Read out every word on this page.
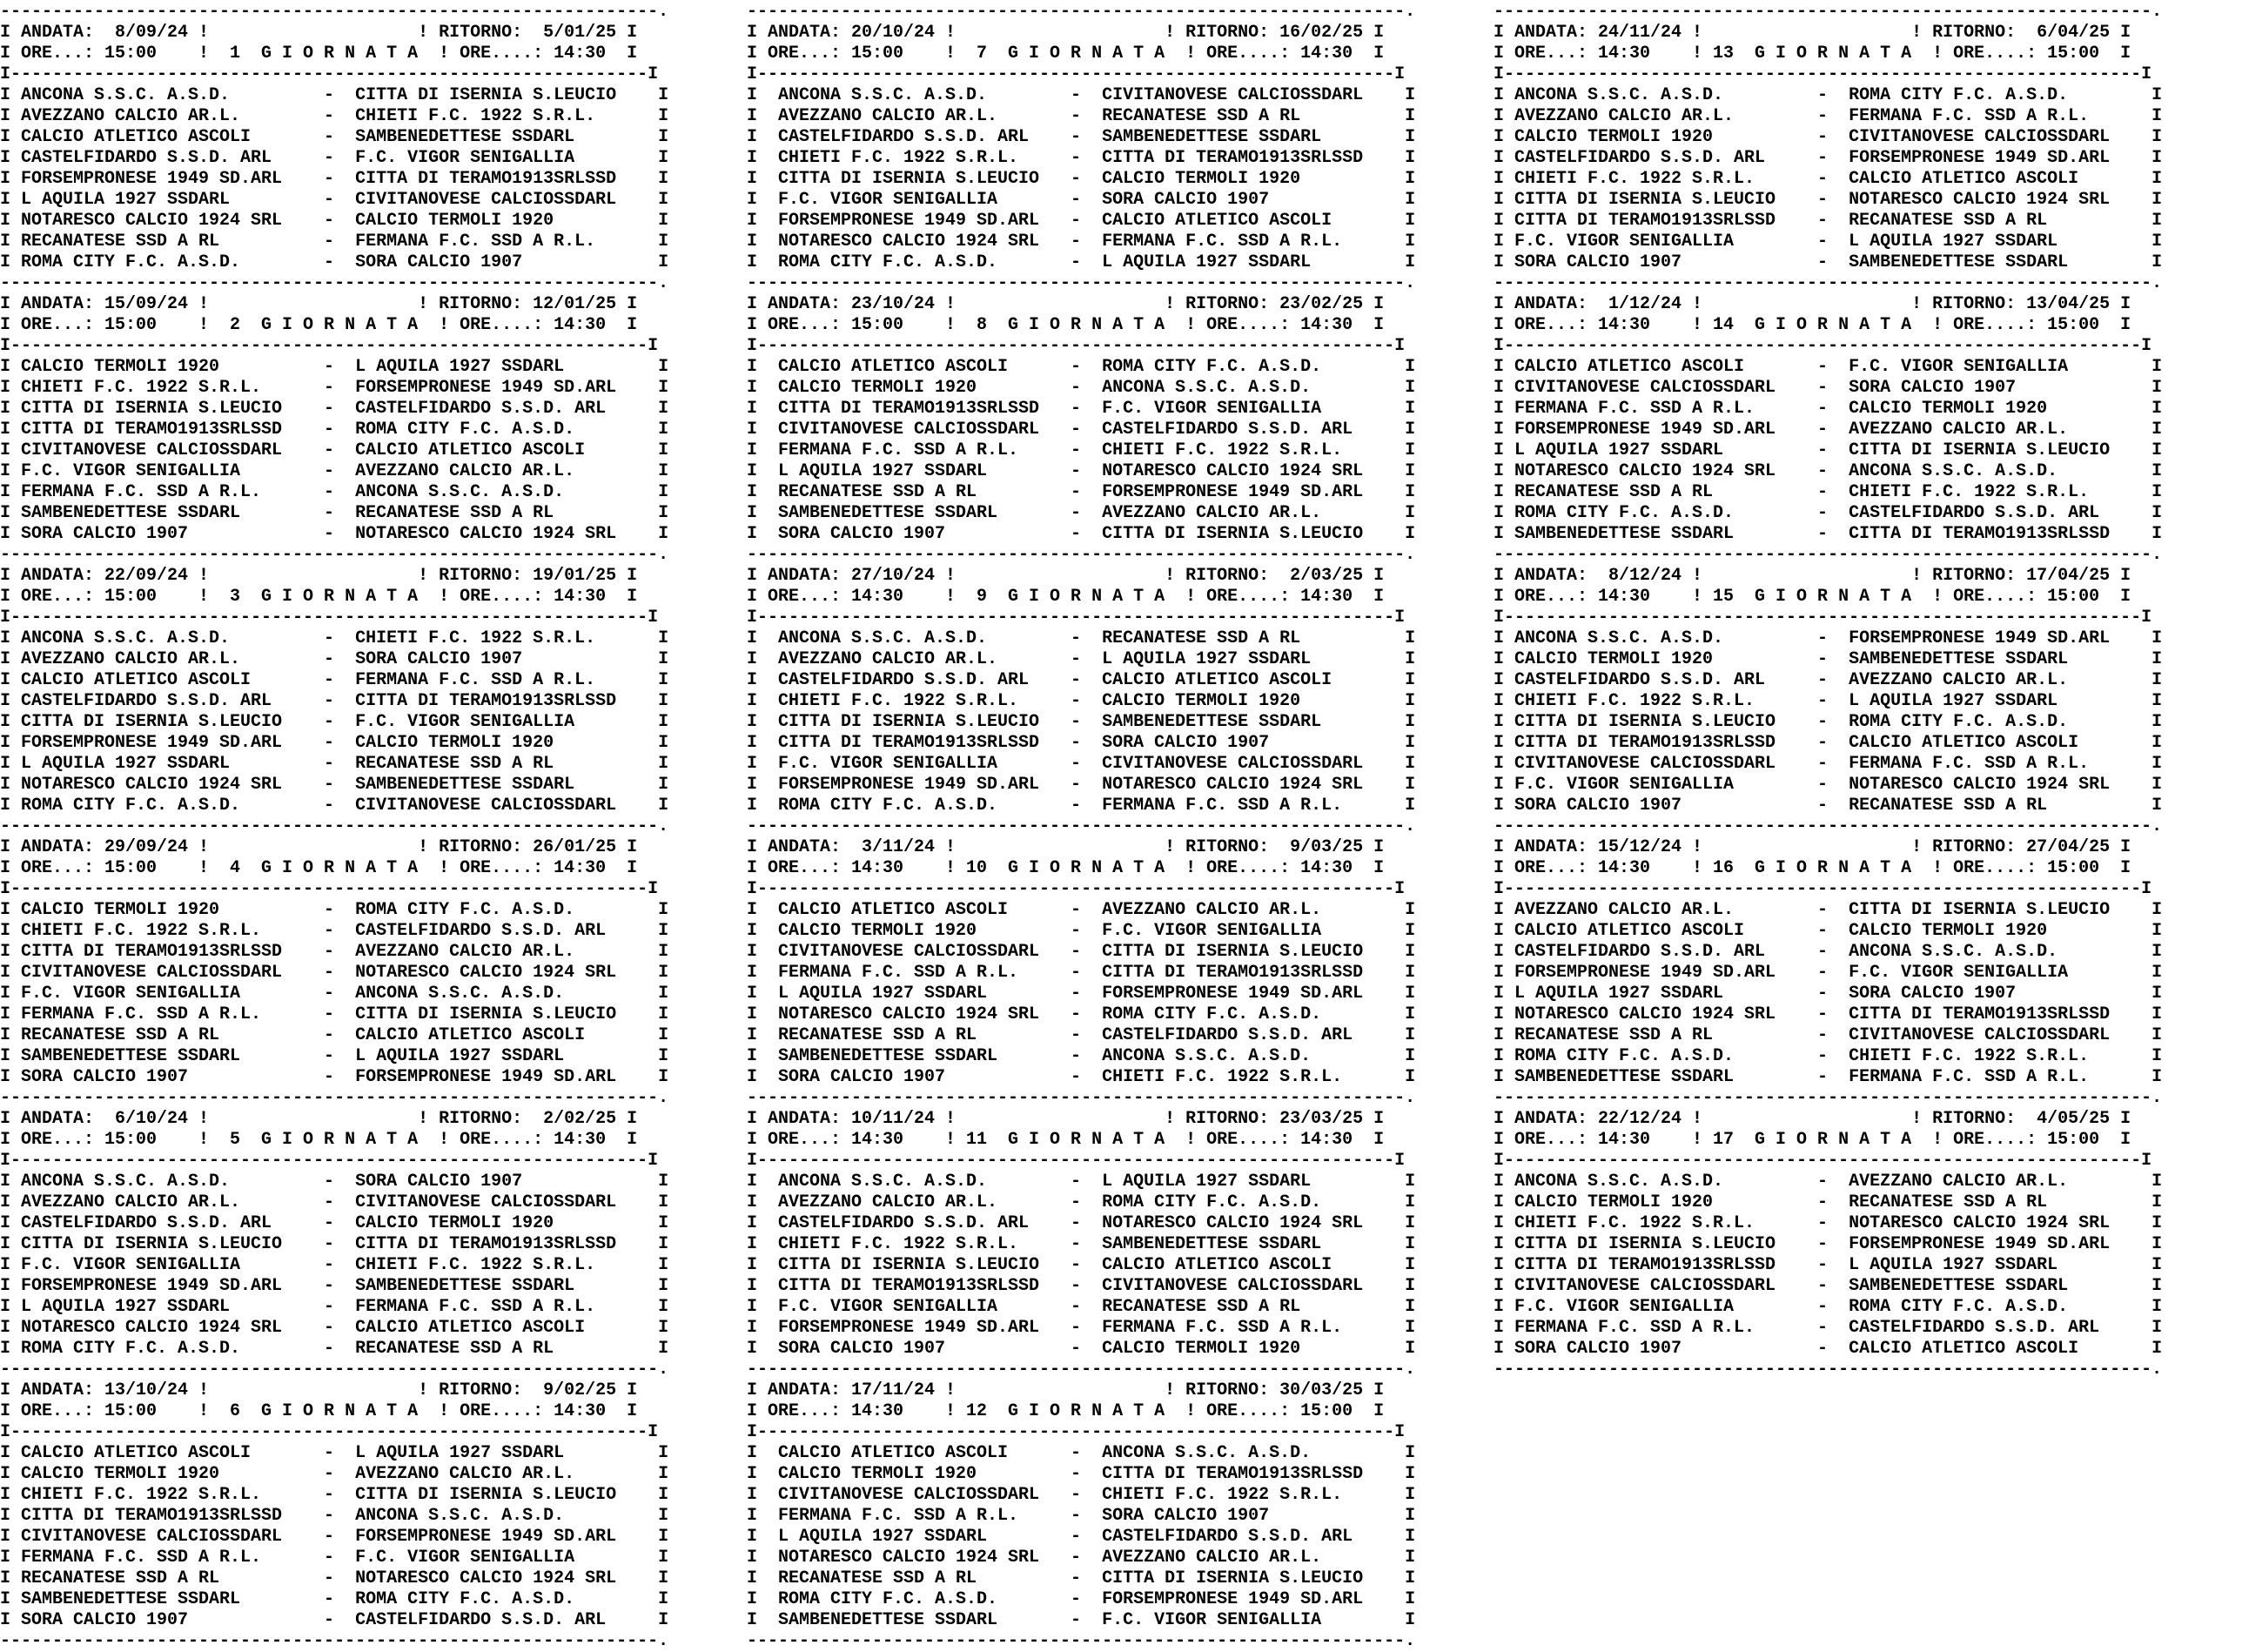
---------------------------------------------------------------.
I ANDATA:  8/09/24 !                    ! RITORNO:  5/01/25 I
I ORE...: 15:00    !  1  G I O R N A T A  ! ORE....: 14:30  I
I-------------------------------------------------------------I
I ANCONA S.S.C. A.S.D.         -  CITTA DI ISERNIA S.LEUCIO    I
I AVEZZANO CALCIO AR.L.        -  CHIETI F.C. 1922 S.R.L.      I
I CALCIO ATLETICO ASCOLI       -  SAMBENEDETTESE SSDARL        I
I CASTELFIDARDO S.S.D. ARL     -  F.C. VIGOR SENIGALLIA        I
I FORSEMPRONESE 1949 SD.ARL    -  CITTA DI TERAMO1913SRLSSD    I
I L AQUILA 1927 SSDARL         -  CIVITANOVESE CALCIOSSDARL    I
I NOTARESCO CALCIO 1924 SRL    -  CALCIO TERMOLI 1920          I
I RECANATESE SSD A RL          -  FERMANA F.C. SSD A R.L.      I
I ROMA CITY F.C. A.S.D.        -  SORA CALCIO 1907             I
---------------------------------------------------------------.
I ANDATA: 15/09/24 !                    ! RITORNO: 12/01/25 I
I ORE...: 15:00    !  2  G I O R N A T A  ! ORE....: 14:30  I
I-------------------------------------------------------------I
I CALCIO TERMOLI 1920          -  L AQUILA 1927 SSDARL         I
I CHIETI F.C. 1922 S.R.L.      -  FORSEMPRONESE 1949 SD.ARL    I
I CITTA DI ISERNIA S.LEUCIO    -  CASTELFIDARDO S.S.D. ARL     I
I CITTA DI TERAMO1913SRLSSD    -  ROMA CITY F.C. A.S.D.        I
I CIVITANOVESE CALCIOSSDARL    -  CALCIO ATLETICO ASCOLI       I
I F.C. VIGOR SENIGALLIA        -  AVEZZANO CALCIO AR.L.        I
I FERMANA F.C. SSD A R.L.      -  ANCONA S.S.C. A.S.D.         I
I SAMBENEDETTESE SSDARL        -  RECANATESE SSD A RL          I
I SORA CALCIO 1907             -  NOTARESCO CALCIO 1924 SRL    I
---------------------------------------------------------------.
I ANDATA: 22/09/24 !                    ! RITORNO: 19/01/25 I
I ORE...: 15:00    !  3  G I O R N A T A  ! ORE....: 14:30  I
I-------------------------------------------------------------I
I ANCONA S.S.C. A.S.D.         -  CHIETI F.C. 1922 S.R.L.      I
I AVEZZANO CALCIO AR.L.        -  SORA CALCIO 1907             I
I CALCIO ATLETICO ASCOLI       -  FERMANA F.C. SSD A R.L.      I
I CASTELFIDARDO S.S.D. ARL     -  CITTA DI TERAMO1913SRLSSD    I
I CITTA DI ISERNIA S.LEUCIO    -  F.C. VIGOR SENIGALLIA        I
I FORSEMPRONESE 1949 SD.ARL    -  CALCIO TERMOLI 1920          I
I L AQUILA 1927 SSDARL         -  RECANATESE SSD A RL          I
I NOTARESCO CALCIO 1924 SRL    -  SAMBENEDETTESE SSDARL        I
I ROMA CITY F.C. A.S.D.        -  CIVITANOVESE CALCIOSSDARL    I
---------------------------------------------------------------.
I ANDATA: 29/09/24 !                    ! RITORNO: 26/01/25 I
I ORE...: 15:00    !  4  G I O R N A T A  ! ORE....: 14:30  I
I-------------------------------------------------------------I
I CALCIO TERMOLI 1920          -  ROMA CITY F.C. A.S.D.        I
I CHIETI F.C. 1922 S.R.L.      -  CASTELFIDARDO S.S.D. ARL     I
I CITTA DI TERAMO1913SRLSSD    -  AVEZZANO CALCIO AR.L.        I
I CIVITANOVESE CALCIOSSDARL    -  NOTARESCO CALCIO 1924 SRL    I
I F.C. VIGOR SENIGALLIA        -  ANCONA S.S.C. A.S.D.         I
I FERMANA F.C. SSD A R.L.      -  CITTA DI ISERNIA S.LEUCIO    I
I RECANATESE SSD A RL          -  CALCIO ATLETICO ASCOLI       I
I SAMBENEDETTESE SSDARL        -  L AQUILA 1927 SSDARL         I
I SORA CALCIO 1907             -  FORSEMPRONESE 1949 SD.ARL    I
---------------------------------------------------------------.
I ANDATA:  6/10/24 !                    ! RITORNO:  2/02/25 I
I ORE...: 15:00    !  5  G I O R N A T A  ! ORE....: 14:30  I
I-------------------------------------------------------------I
I ANCONA S.S.C. A.S.D.         -  SORA CALCIO 1907             I
I AVEZZANO CALCIO AR.L.        -  CIVITANOVESE CALCIOSSDARL    I
I CASTELFIDARDO S.S.D. ARL     -  CALCIO TERMOLI 1920          I
I CITTA DI ISERNIA S.LEUCIO    -  CITTA DI TERAMO1913SRLSSD    I
I F.C. VIGOR SENIGALLIA        -  CHIETI F.C. 1922 S.R.L.      I
I FORSEMPRONESE 1949 SD.ARL    -  SAMBENEDETTESE SSDARL        I
I L AQUILA 1927 SSDARL         -  FERMANA F.C. SSD A R.L.      I
I NOTARESCO CALCIO 1924 SRL    -  CALCIO ATLETICO ASCOLI       I
I ROMA CITY F.C. A.S.D.        -  RECANATESE SSD A RL          I
---------------------------------------------------------------.
I ANDATA: 13/10/24 !                    ! RITORNO:  9/02/25 I
I ORE...: 15:00    !  6  G I O R N A T A  ! ORE....: 14:30  I
I-------------------------------------------------------------I
I CALCIO ATLETICO ASCOLI       -  L AQUILA 1927 SSDARL         I
I CALCIO TERMOLI 1920          -  AVEZZANO CALCIO AR.L.        I
I CHIETI F.C. 1922 S.R.L.      -  CITTA DI ISERNIA S.LEUCIO    I
I CITTA DI TERAMO1913SRLSSD    -  ANCONA S.S.C. A.S.D.         I
I CIVITANOVESE CALCIOSSDARL    -  FORSEMPRONESE 1949 SD.ARL    I
I FERMANA F.C. SSD A R.L.      -  F.C. VIGOR SENIGALLIA        I
I RECANATESE SSD A RL          -  NOTARESCO CALCIO 1924 SRL    I
I SAMBENEDETTESE SSDARL        -  ROMA CITY F.C. A.S.D.        I
I SORA CALCIO 1907             -  CASTELFIDARDO S.S.D. ARL     I
---------------------------------------------------------------.
---------------------------------------------------------------.
I ANDATA: 20/10/24 !                    ! RITORNO: 16/02/25 I
I ORE...: 15:00    !  7  G I O R N A T A  ! ORE....: 14:30  I
I-------------------------------------------------------------I
I  ANCONA S.S.C. A.S.D.        -  CIVITANOVESE CALCIOSSDARL    I
I  AVEZZANO CALCIO AR.L.       -  RECANATESE SSD A RL          I
I  CASTELFIDARDO S.S.D. ARL    -  SAMBENEDETTESE SSDARL        I
I  CHIETI F.C. 1922 S.R.L.     -  CITTA DI TERAMO1913SRLSSD    I
I  CITTA DI ISERNIA S.LEUCIO   -  CALCIO TERMOLI 1920          I
I  F.C. VIGOR SENIGALLIA       -  SORA CALCIO 1907             I
I  FORSEMPRONESE 1949 SD.ARL   -  CALCIO ATLETICO ASCOLI       I
I  NOTARESCO CALCIO 1924 SRL   -  FERMANA F.C. SSD A R.L.      I
I  ROMA CITY F.C. A.S.D.       -  L AQUILA 1927 SSDARL         I
---------------------------------------------------------------.
I ANDATA: 23/10/24 !                    ! RITORNO: 23/02/25 I
I ORE...: 15:00    !  8  G I O R N A T A  ! ORE....: 14:30  I
I-------------------------------------------------------------I
I  CALCIO ATLETICO ASCOLI      -  ROMA CITY F.C. A.S.D.        I
I  CALCIO TERMOLI 1920         -  ANCONA S.S.C. A.S.D.         I
I  CITTA DI TERAMO1913SRLSSD   -  F.C. VIGOR SENIGALLIA        I
I  CIVITANOVESE CALCIOSSDARL   -  CASTELFIDARDO S.S.D. ARL     I
I  FERMANA F.C. SSD A R.L.     -  CHIETI F.C. 1922 S.R.L.      I
I  L AQUILA 1927 SSDARL        -  NOTARESCO CALCIO 1924 SRL    I
I  RECANATESE SSD A RL         -  FORSEMPRONESE 1949 SD.ARL    I
I  SAMBENEDETTESE SSDARL       -  AVEZZANO CALCIO AR.L.        I
I  SORA CALCIO 1907            -  CITTA DI ISERNIA S.LEUCIO    I
---------------------------------------------------------------.
I ANDATA: 27/10/24 !                    ! RITORNO:  2/03/25 I
I ORE...: 14:30    !  9  G I O R N A T A  ! ORE....: 14:30  I
I-------------------------------------------------------------I
I  ANCONA S.S.C. A.S.D.        -  RECANATESE SSD A RL          I
I  AVEZZANO CALCIO AR.L.       -  L AQUILA 1927 SSDARL         I
I  CASTELFIDARDO S.S.D. ARL    -  CALCIO ATLETICO ASCOLI       I
I  CHIETI F.C. 1922 S.R.L.     -  CALCIO TERMOLI 1920          I
I  CITTA DI ISERNIA S.LEUCIO   -  SAMBENEDETTESE SSDARL        I
I  CITTA DI TERAMO1913SRLSSD   -  SORA CALCIO 1907             I
I  F.C. VIGOR SENIGALLIA       -  CIVITANOVESE CALCIOSSDARL    I
I  FORSEMPRONESE 1949 SD.ARL   -  NOTARESCO CALCIO 1924 SRL    I
I  ROMA CITY F.C. A.S.D.       -  FERMANA F.C. SSD A R.L.      I
---------------------------------------------------------------.
I ANDATA:  3/11/24 !                    ! RITORNO:  9/03/25 I
I ORE...: 14:30    ! 10  G I O R N A T A  ! ORE....: 14:30  I
I-------------------------------------------------------------I
I  CALCIO ATLETICO ASCOLI      -  AVEZZANO CALCIO AR.L.        I
I  CALCIO TERMOLI 1920         -  F.C. VIGOR SENIGALLIA        I
I  CIVITANOVESE CALCIOSSDARL   -  CITTA DI ISERNIA S.LEUCIO    I
I  FERMANA F.C. SSD A R.L.     -  CITTA DI TERAMO1913SRLSSD    I
I  L AQUILA 1927 SSDARL        -  FORSEMPRONESE 1949 SD.ARL    I
I  NOTARESCO CALCIO 1924 SRL   -  ROMA CITY F.C. A.S.D.        I
I  RECANATESE SSD A RL         -  CASTELFIDARDO S.S.D. ARL     I
I  SAMBENEDETTESE SSDARL       -  ANCONA S.S.C. A.S.D.         I
I  SORA CALCIO 1907            -  CHIETI F.C. 1922 S.R.L.      I
---------------------------------------------------------------.
I ANDATA: 10/11/24 !                    ! RITORNO: 23/03/25 I
I ORE...: 14:30    ! 11  G I O R N A T A  ! ORE....: 14:30  I
I-------------------------------------------------------------I
I  ANCONA S.S.C. A.S.D.        -  L AQUILA 1927 SSDARL         I
I  AVEZZANO CALCIO AR.L.       -  ROMA CITY F.C. A.S.D.        I
I  CASTELFIDARDO S.S.D. ARL    -  NOTARESCO CALCIO 1924 SRL    I
I  CHIETI F.C. 1922 S.R.L.     -  SAMBENEDETTESE SSDARL        I
I  CITTA DI ISERNIA S.LEUCIO   -  CALCIO ATLETICO ASCOLI       I
I  CITTA DI TERAMO1913SRLSSD   -  CIVITANOVESE CALCIOSSDARL    I
I  F.C. VIGOR SENIGALLIA       -  RECANATESE SSD A RL          I
I  FORSEMPRONESE 1949 SD.ARL   -  FERMANA F.C. SSD A R.L.      I
I  SORA CALCIO 1907            -  CALCIO TERMOLI 1920          I
---------------------------------------------------------------.
I ANDATA: 17/11/24 !                    ! RITORNO: 30/03/25 I
I ORE...: 14:30    ! 12  G I O R N A T A  ! ORE....: 15:00  I
I-------------------------------------------------------------I
I  CALCIO ATLETICO ASCOLI      -  ANCONA S.S.C. A.S.D.         I
I  CALCIO TERMOLI 1920         -  CITTA DI TERAMO1913SRLSSD    I
I  CIVITANOVESE CALCIOSSDARL   -  CHIETI F.C. 1922 S.R.L.      I
I  FERMANA F.C. SSD A R.L.     -  SORA CALCIO 1907             I
I  L AQUILA 1927 SSDARL        -  CASTELFIDARDO S.S.D. ARL     I
I  NOTARESCO CALCIO 1924 SRL   -  AVEZZANO CALCIO AR.L.        I
I  RECANATESE SSD A RL         -  CITTA DI ISERNIA S.LEUCIO    I
I  ROMA CITY F.C. A.S.D.       -  FORSEMPRONESE 1949 SD.ARL    I
I  SAMBENEDETTESE SSDARL       -  F.C. VIGOR SENIGALLIA        I
---------------------------------------------------------------.
---------------------------------------------------------------.
I ANDATA: 24/11/24 !                    ! RITORNO:  6/04/25 I
I ORE...: 14:30    ! 13  G I O R N A T A  ! ORE....: 15:00  I
I-------------------------------------------------------------I
I ANCONA S.S.C. A.S.D.         -  ROMA CITY F.C. A.S.D.        I
I AVEZZANO CALCIO AR.L.        -  FERMANA F.C. SSD A R.L.      I
I CALCIO TERMOLI 1920          -  CIVITANOVESE CALCIOSSDARL    I
I CASTELFIDARDO S.S.D. ARL     -  FORSEMPRONESE 1949 SD.ARL    I
I CHIETI F.C. 1922 S.R.L.      -  CALCIO ATLETICO ASCOLI       I
I CITTA DI ISERNIA S.LEUCIO    -  NOTARESCO CALCIO 1924 SRL    I
I CITTA DI TERAMO1913SRLSSD    -  RECANATESE SSD A RL          I
I F.C. VIGOR SENIGALLIA        -  L AQUILA 1927 SSDARL         I
I SORA CALCIO 1907             -  SAMBENEDETTESE SSDARL        I
---------------------------------------------------------------.
I ANDATA:  1/12/24 !                    ! RITORNO: 13/04/25 I
I ORE...: 14:30    ! 14  G I O R N A T A  ! ORE....: 15:00  I
I-------------------------------------------------------------I
I CALCIO ATLETICO ASCOLI       -  F.C. VIGOR SENIGALLIA        I
I CIVITANOVESE CALCIOSSDARL    -  SORA CALCIO 1907             I
I FERMANA F.C. SSD A R.L.      -  CALCIO TERMOLI 1920          I
I FORSEMPRONESE 1949 SD.ARL    -  AVEZZANO CALCIO AR.L.        I
I L AQUILA 1927 SSDARL         -  CITTA DI ISERNIA S.LEUCIO    I
I NOTARESCO CALCIO 1924 SRL    -  ANCONA S.S.C. A.S.D.         I
I RECANATESE SSD A RL          -  CHIETI F.C. 1922 S.R.L.      I
I ROMA CITY F.C. A.S.D.        -  CASTELFIDARDO S.S.D. ARL     I
I SAMBENEDETTESE SSDARL        -  CITTA DI TERAMO1913SRLSSD    I
---------------------------------------------------------------.
I ANDATA:  8/12/24 !                    ! RITORNO: 17/04/25 I
I ORE...: 14:30    ! 15  G I O R N A T A  ! ORE....: 15:00  I
I-------------------------------------------------------------I
I ANCONA S.S.C. A.S.D.         -  FORSEMPRONESE 1949 SD.ARL    I
I CALCIO TERMOLI 1920          -  SAMBENEDETTESE SSDARL        I
I CASTELFIDARDO S.S.D. ARL     -  AVEZZANO CALCIO AR.L.        I
I CHIETI F.C. 1922 S.R.L.      -  L AQUILA 1927 SSDARL         I
I CITTA DI ISERNIA S.LEUCIO    -  ROMA CITY F.C. A.S.D.        I
I CITTA DI TERAMO1913SRLSSD    -  CALCIO ATLETICO ASCOLI       I
I CIVITANOVESE CALCIOSSDARL    -  FERMANA F.C. SSD A R.L.      I
I F.C. VIGOR SENIGALLIA        -  NOTARESCO CALCIO 1924 SRL    I
I SORA CALCIO 1907             -  RECANATESE SSD A RL          I
---------------------------------------------------------------.
I ANDATA: 15/12/24 !                    ! RITORNO: 27/04/25 I
I ORE...: 14:30    ! 16  G I O R N A T A  ! ORE....: 15:00  I
I-------------------------------------------------------------I
I AVEZZANO CALCIO AR.L.        -  CITTA DI ISERNIA S.LEUCIO    I
I CALCIO ATLETICO ASCOLI       -  CALCIO TERMOLI 1920          I
I CASTELFIDARDO S.S.D. ARL     -  ANCONA S.S.C. A.S.D.         I
I FORSEMPRONESE 1949 SD.ARL    -  F.C. VIGOR SENIGALLIA        I
I L AQUILA 1927 SSDARL         -  SORA CALCIO 1907             I
I NOTARESCO CALCIO 1924 SRL    -  CITTA DI TERAMO1913SRLSSD    I
I RECANATESE SSD A RL          -  CIVITANOVESE CALCIOSSDARL    I
I ROMA CITY F.C. A.S.D.        -  CHIETI F.C. 1922 S.R.L.      I
I SAMBENEDETTESE SSDARL        -  FERMANA F.C. SSD A R.L.      I
---------------------------------------------------------------.
I ANDATA: 22/12/24 !                    ! RITORNO:  4/05/25 I
I ORE...: 14:30    ! 17  G I O R N A T A  ! ORE....: 15:00  I
I-------------------------------------------------------------I
I ANCONA S.S.C. A.S.D.         -  AVEZZANO CALCIO AR.L.        I
I CALCIO TERMOLI 1920          -  RECANATESE SSD A RL          I
I CHIETI F.C. 1922 S.R.L.      -  NOTARESCO CALCIO 1924 SRL    I
I CITTA DI ISERNIA S.LEUCIO    -  FORSEMPRONESE 1949 SD.ARL    I
I CITTA DI TERAMO1913SRLSSD    -  L AQUILA 1927 SSDARL         I
I CIVITANOVESE CALCIOSSDARL    -  SAMBENEDETTESE SSDARL        I
I F.C. VIGOR SENIGALLIA        -  ROMA CITY F.C. A.S.D.        I
I FERMANA F.C. SSD A R.L.      -  CASTELFIDARDO S.S.D. ARL     I
I SORA CALCIO 1907             -  CALCIO ATLETICO ASCOLI       I
---------------------------------------------------------------.
